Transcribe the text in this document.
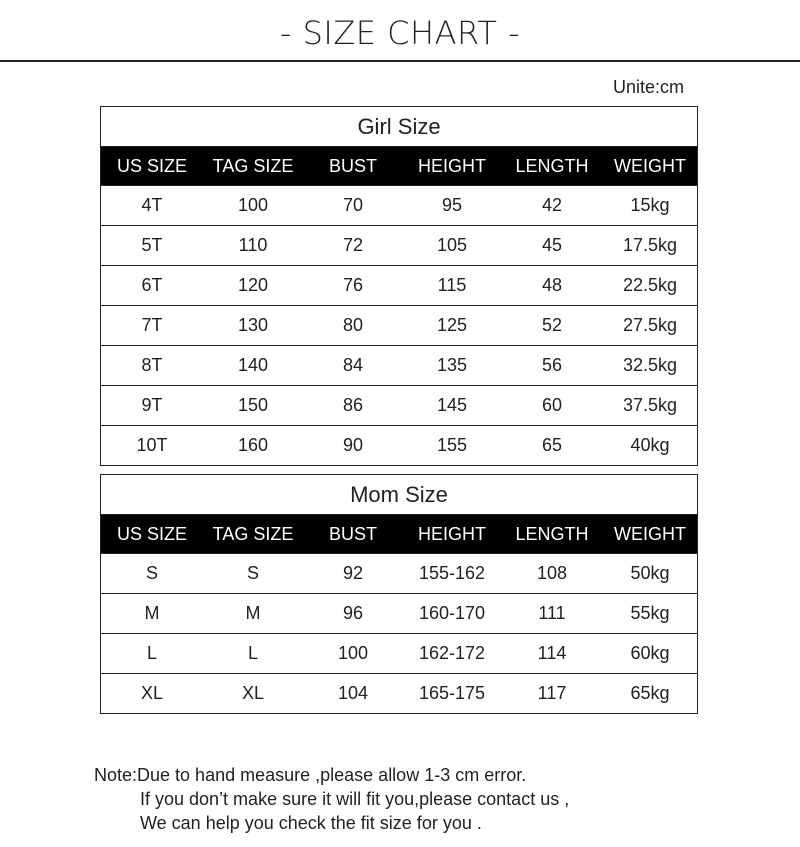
- SIZE CHART -
Unite:cm
Girl Size
US SIZE	TAG SIZE	BUST	HEIGHT	LENGTH	WEIGHT
4T	100	70	95	42	15kg
5T	110	72	105	45	17.5kg
6T	120	76	115	48	22.5kg
7T	130	80	125	52	27.5kg
8T	140	84	135	56	32.5kg
9T	150	86	145	60	37.5kg
10T	160	90	155	65	40kg
Mom Size
US SIZE	TAG SIZE	BUST	HEIGHT	LENGTH	WEIGHT
S	S	92	155-162	108	50kg
M	M	96	160-170	111	55kg
L	L	100	162-172	114	60kg
XL	XL	104	165-175	117	65kg
Note:Due to hand measure ,please allow 1-3 cm error.
If you don’t make sure it will fit you,please contact us ,
We can help you check the fit size for you .
